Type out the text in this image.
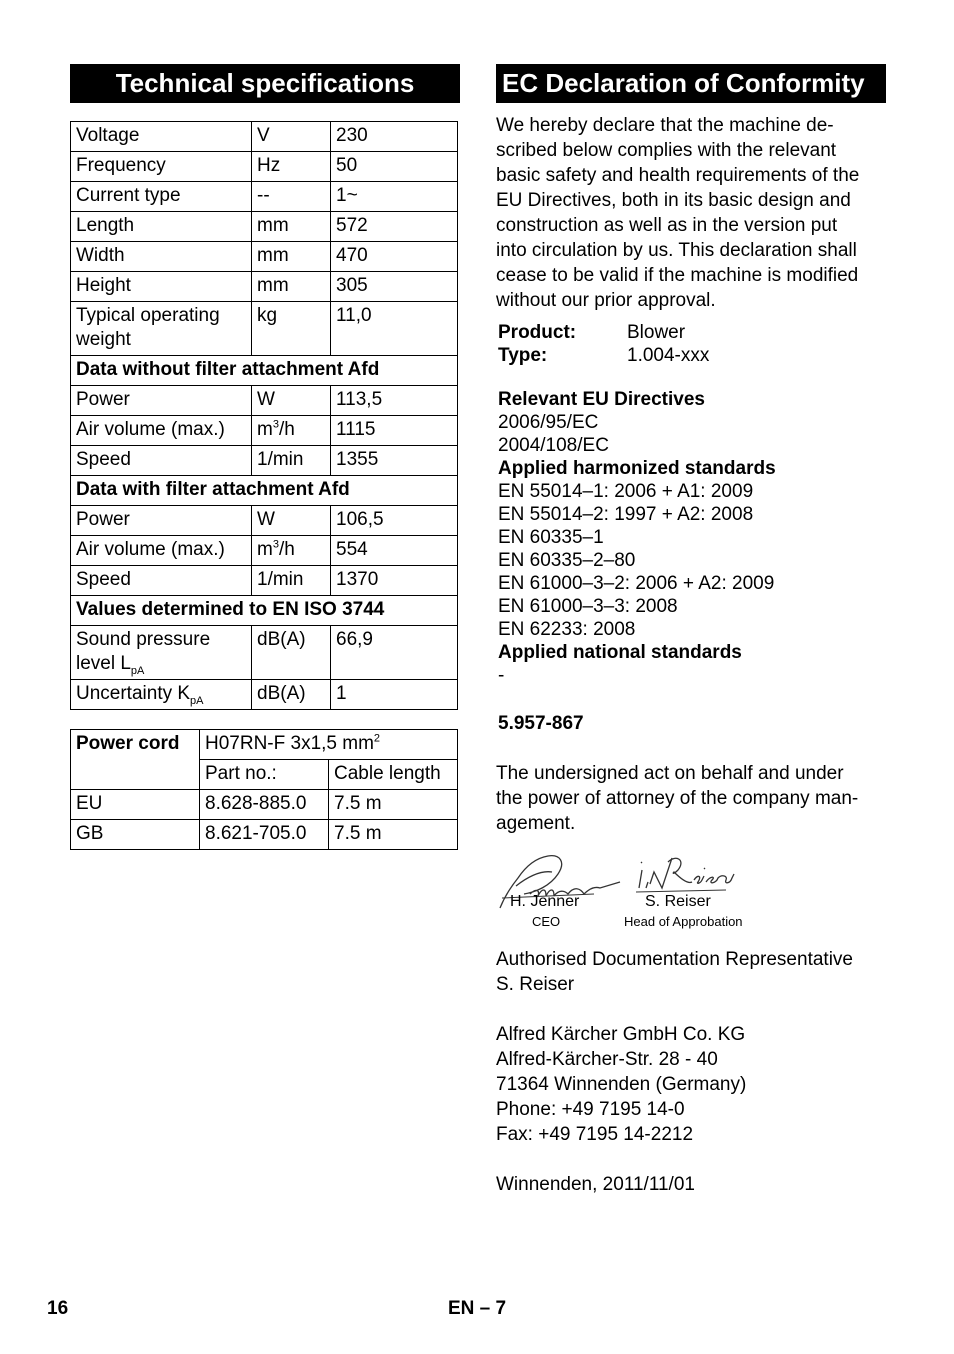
Technical specifications
Voltage	V	230
Frequency	Hz	50
Current type	--	1~
Length	mm	572
Width	mm	470
Height	mm	305
Typical operating weight	kg	11,0
Data without filter attachment Afd		
Power	W	113,5
Air volume (max.)	$m^3/h$	1115
Speed	1/min	1355
Data with filter attachment Afd		
Power	W	106,5
Air volume (max.)	$m^3/h$	554
Speed	1/min	1370
Values determined to EN ISO 3744		
Sound pressure level $L_{pA}$	dB(A)	66,9
Uncertainty $K_{pA}$	dB(A)	1
Power cord	H07RN-F 3x1,5 $mm^2$
	Part no.:	Cable length
EU	8.628-885.0	7.5 m
GB	8.621-705.0	7.5 m
EC Declaration of Conformity

We hereby declare that the machine de-

scribed below complies with the relevant

basic safety and health requirements of the

EU Directives, both in its basic design and

construction as well as in the version put

into circulation by us. This declaration shall

cease to be valid if the machine is modified

without our prior approval.

Product:	Blower
Type:	1.004-xxx
Relevant EU Directives
2006/95/EC
2004/108/EC
Applied harmonized standards
EN 55014–1: 2006 + A1: 2009
EN 55014–2: 1997 + A2: 2008
EN 60335–1
EN 60335–2–80
EN 61000–3–2: 2006 + A2: 2009
EN 61000–3–3: 2008
EN 62233: 2008
Applied national standards
-
5.957-867

The undersigned act on behalf and under

the power of attorney of the company man-

agement.

H. Jenner
CEO
S. Reiser
Head of Approbation

Authorised Documentation Representative

S. Reiser

Alfred Kärcher GmbH Co. KG

Alfred-Kärcher-Str. 28 - 40

71364 Winnenden (Germany)

Phone: +49 7195 14-0

Fax: +49 7195 14-2212

Winnenden, 2011/11/01

16	EN – 7
